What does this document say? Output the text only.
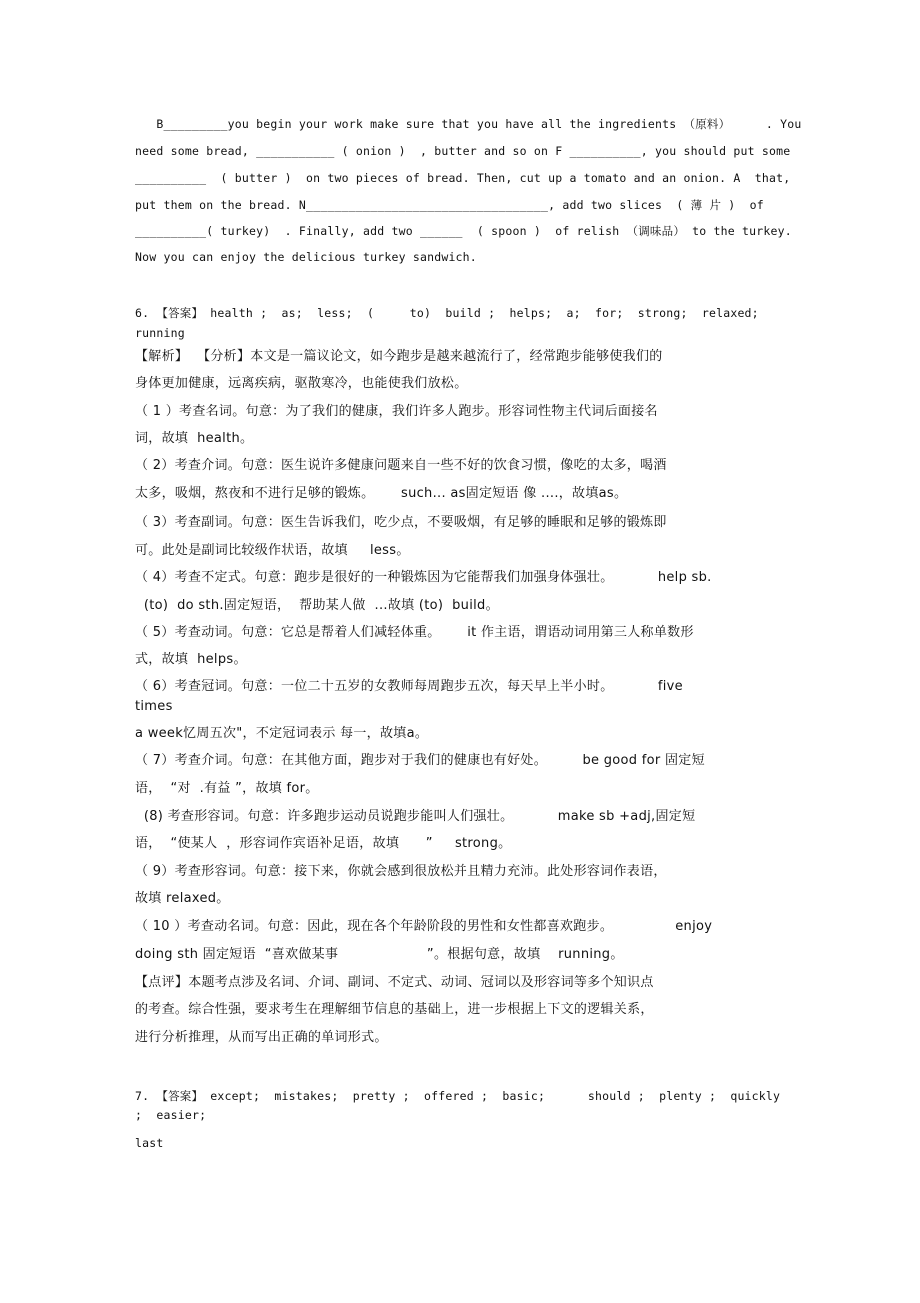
B_________you begin your work make sure that you have all the ingredients （原料）     . You
need some bread, ___________ ( onion )  , butter and so on F __________, you should put some
__________  ( butter )  on two pieces of bread. Then, cut up a tomato and an onion. A  that,
put them on the bread. N__________________________________, add two slices  ( 薄 片 )  of
__________( turkey)  . Finally, add two ______  ( spoon )  of relish （调味品） to the turkey.
Now you can enjoy the delicious turkey sandwich.
6. 【答案】 health ;  as;  less;  (     to)  build ;  helps;  a;  for;  strong;  relaxed;
running
【解析】  【分析】本文是一篇议论文，如今跑步是越来越流行了，经常跑步能够使我们的
身体更加健康，远离疾病，驱散寒冷，也能使我们放松。
（ 1 ）考查名词。句意：为了我们的健康，我们许多人跑步。形容词性物主代词后面接名
词，故填  health。
（ 2）考查介词。句意：医生说许多健康问题来自一些不好的饮食习惯，像吃的太多，喝酒
太多，吸烟，熬夜和不进行足够的锻炼。      such... as固定短语 像 ....，故填as。
（ 3）考查副词。句意：医生告诉我们，吃少点，不要吸烟，有足够的睡眠和足够的锻炼即
可。此处是副词比较级作状语，故填     less。
（ 4）考查不定式。句意：跑步是很好的一种锻炼因为它能帮我们加强身体强壮。          help sb.
(to)  do sth.固定短语，  帮助某人做  ...故填 (to)  build。
（ 5）考查动词。句意：它总是帮着人们减轻体重。      it 作主语，谓语动词用第三人称单数形
式，故填  helps。
（ 6）考查冠词。句意：一位二十五岁的女教师每周跑步五次，每天早上半小时。          five
times
a week忆周五次"，不定冠词表示 每一，故填a。
（ 7）考查介词。句意：在其他方面，跑步对于我们的健康也有好处。        be good for 固定短
语，  “对  .有益 ”，故填 for。
(8) 考查形容词。句意：许多跑步运动员说跑步能叫人们强壮。          make sb +adj,固定短
语，  “使某人  ，形容词作宾语补足语，故填      ”     strong。
（ 9）考查形容词。句意：接下来，你就会感到很放松并且精力充沛。此处形容词作表语，
故填 relaxed。
（ 10 ）考查动名词。句意：因此，现在各个年龄阶段的男性和女性都喜欢跑步。              enjoy
doing sth 固定短语  “喜欢做某事                    ”。根据句意，故填    running。
【点评】本题考点涉及名词、介词、副词、不定式、动词、冠词以及形容词等多个知识点
的考查。综合性强，要求考生在理解细节信息的基础上，进一步根据上下文的逻辑关系，
进行分析推理，从而写出正确的单词形式。
7. 【答案】 except;  mistakes;  pretty ;  offered ;  basic;      should ;  plenty ;  quickly
;  easier;
last
